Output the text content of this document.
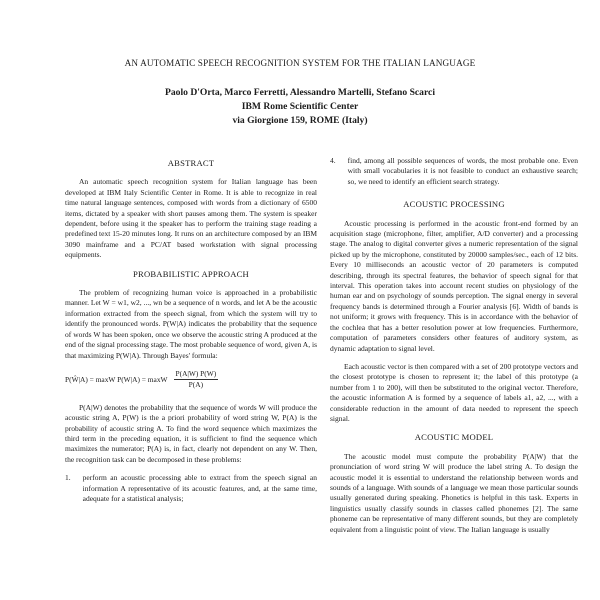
AN AUTOMATIC SPEECH RECOGNITION SYSTEM FOR THE ITALIAN LANGUAGE
Paolo D'Orta, Marco Ferretti, Alessandro Martelli, Stefano Scarci
IBM Rome Scientific Center
via Giorgione 159, ROME (Italy)
ABSTRACT

An automatic speech recognition system for Italian language has been developed at IBM Italy Scientific Center in Rome. It is able to recognize in real time natural language sentences, composed with words from a dictionary of 6500 items, dictated by a speaker with short pauses among them. The system is speaker dependent, before using it the speaker has to perform the training stage reading a predefined text 15-20 minutes long. It runs on an architecture composed by an IBM 3090 mainframe and a PC/AT based workstation with signal processing equipments.

PROBABILISTIC APPROACH

The problem of recognizing human voice is approached in a probabilistic manner. Let W = w1, w2, ..., wn be a sequence of n words, and let A be the acoustic information extracted from the speech signal, from which the system will try to identify the pronounced words. P(W|A) indicates the probability that the sequence of words W has been spoken, once we observe the acoustic string A produced at the end of the signal processing stage. The most probable sequence of word, given A, is that maximizing P(W|A). Through Bayes' formula:

P(Ŵ|A) = maxW P(W|A) = maxW $\frac{P(A|W) P(W)}{P(A)}$

P(A|W) denotes the probability that the sequence of words W will produce the acoustic string A, P(W) is the a priori probability of word string W, P(A) is the probability of acoustic string A. To find the word sequence which maximizes the third term in the preceding equation, it is sufficient to find the sequence which maximizes the numerator; P(A) is, in fact, clearly not dependent on any W. Then, the recognition task can be decomposed in these problems:

1. perform an acoustic processing able to extract from the speech signal an information A representative of its acoustic features, and, at the same time, adequate for a statistical analysis;
4. find, among all possible sequences of words, the most probable one. Even with small vocabularies it is not feasible to conduct an exhaustive search; so, we need to identify an efficient search strategy.
ACOUSTIC PROCESSING

Acoustic processing is performed in the acoustic front-end formed by an acquisition stage (microphone, filter, amplifier, A/D converter) and a processing stage. The analog to digital converter gives a numeric representation of the signal picked up by the microphone, constituted by 20000 samples/sec., each of 12 bits. Every 10 milliseconds an acoustic vector of 20 parameters is computed describing, through its spectral features, the behavior of speech signal for that interval. This operation takes into account recent studies on physiology of the human ear and on psychology of sounds perception. The signal energy in several frequency bands is determined through a Fourier analysis [6]. Width of bands is not uniform; it grows with frequency. This is in accordance with the behavior of the cochlea that has a better resolution power at low frequencies. Furthermore, computation of parameters considers other features of auditory system, as dynamic adaptation to signal level.

Each acoustic vector is then compared with a set of 200 prototype vectors and the closest prototype is chosen to represent it; the label of this prototype (a number from 1 to 200), will then be substituted to the original vector. Therefore, the acoustic information A is formed by a sequence of labels a1, a2, ..., with a considerable reduction in the amount of data needed to represent the speech signal.

ACOUSTIC MODEL

The acoustic model must compute the probability P(A|W) that the pronunciation of word string W will produce the label string A. To design the acoustic model it is essential to understand the relationship between words and sounds of a language. With sounds of a language we mean those particular sounds usually generated during speaking. Phonetics is helpful in this task. Experts in linguistics usually classify sounds in classes called phonemes [2]. The same phoneme can be representative of many different sounds, but they are completely equivalent from a linguistic point of view. The Italian language is usually
